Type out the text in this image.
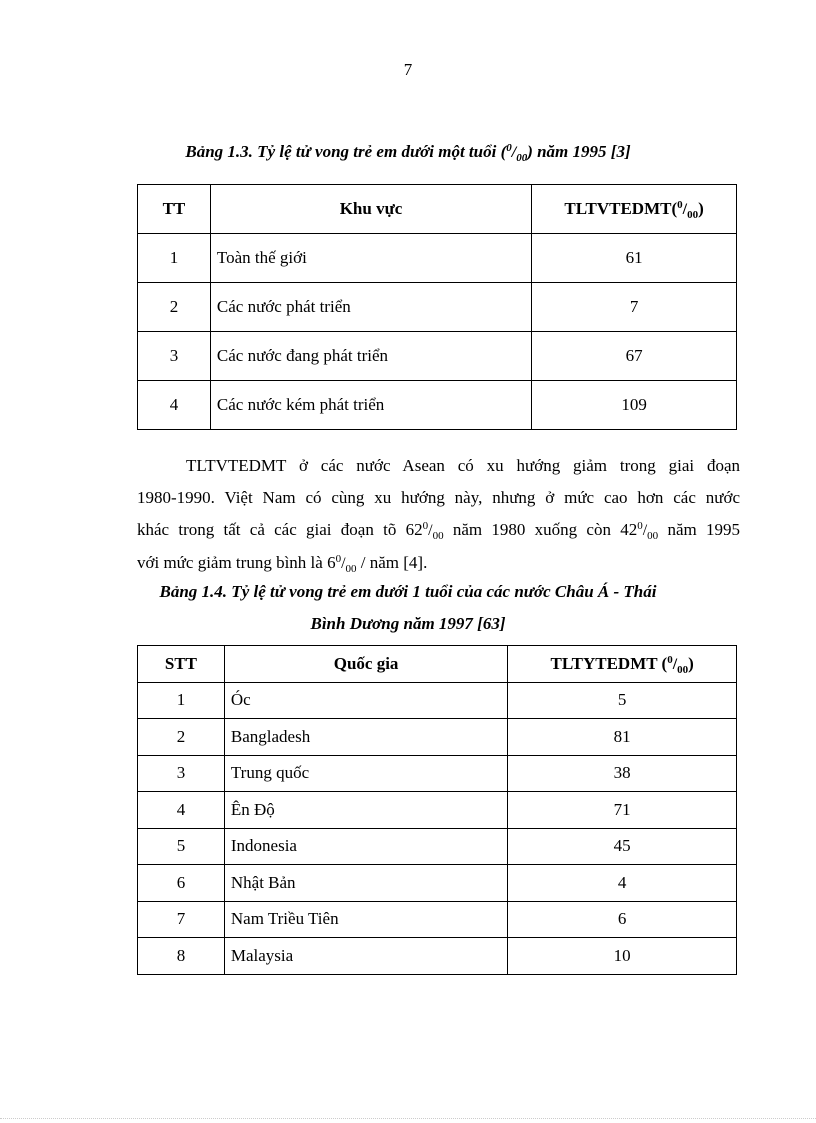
7
Bảng 1.3. Tỷ lệ tử vong trẻ em dưới một tuổi $(^0/_{00})$ năm 1995 [3]
TT	Khu vực	$TLTVTEDMT(^0/_{00})$
1	Toàn thế giới	61
2	Các nước phát triển	7
3	Các nước đang phát triển	67
4	Các nước kém phát triển	109
TLTVTEDMT ở các nước Asean có xu hướng giảm trong giai đoạn
1980-1990. Việt Nam có cùng xu hướng này, nhưng ở mức cao hơn các nước
khác trong tất cả các giai đoạn tõ $62^0/_{00}$ năm 1980 xuống còn $42^0/_{00}$ năm 1995
với mức giảm trung bình là $6^0/_{00}$ / năm [4].
Bảng 1.4. Tỷ lệ tử vong trẻ em dưới 1 tuổi của các nước Châu Á - Thái
Bình Dương năm 1997 [63]
STT	Quốc gia	TLTYTEDMT $(^0/_{00})$
1	Óc	5
2	Bangladesh	81
3	Trung quốc	38
4	Ên Độ	71
5	Indonesia	45
6	Nhật Bản	4
7	Nam Triều Tiên	6
8	Malaysia	10
